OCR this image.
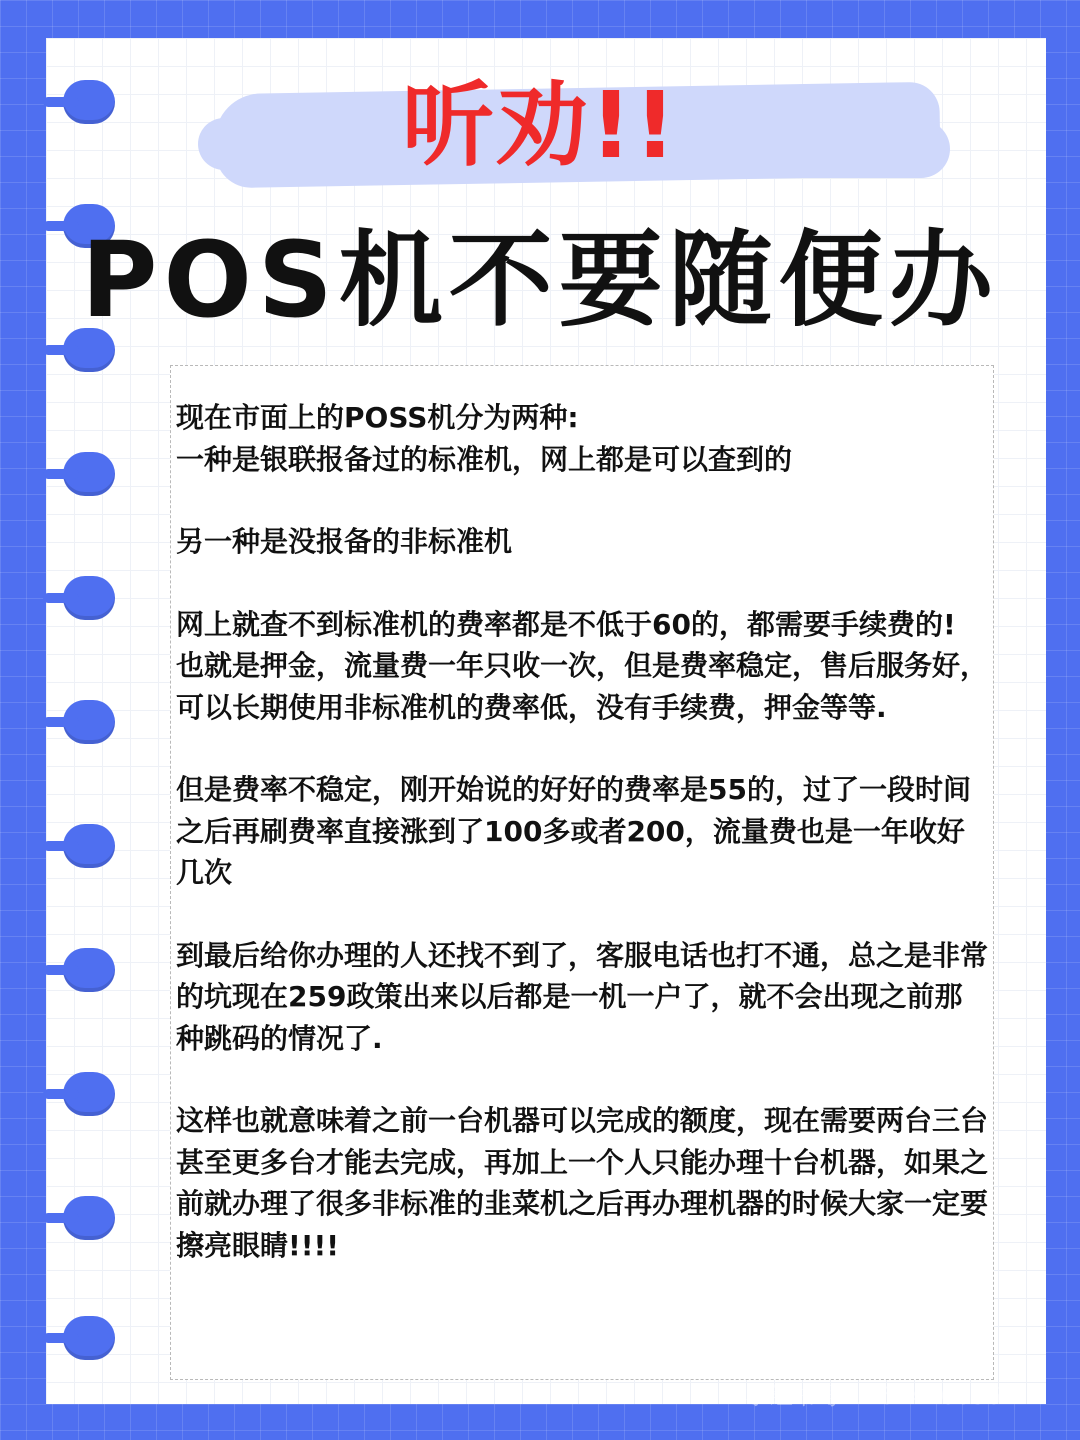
听劝!!
POS机不要随便办

现在市面上的POSS机分为两种:
一种是银联报备过的标准机，网上都是可以查到的

另一种是没报备的非标准机

网上就查不到标准机的费率都是不低于60的，都需要手续费的!
也就是押金，流量费一年只收一次，但是费率稳定，售后服务好，可以长期使用非标准机的费率低，没有手续费，押金等等.

但是费率不稳定，刚开始说的好好的费率是55的，过了一段时间之后再刷费率直接涨到了100多或者200，流量费也是一年收好几次

到最后给你办理的人还找不到了，客服电话也打不通，总之是非常的坑现在259政策出来以后都是一机一户了，就不会出现之前那种跳码的情况了.

这样也就意味着之前一台机器可以完成的额度，现在需要两台三台甚至更多台才能去完成，再加上一个人只能办理十台机器，如果之前就办理了很多非标准的韭菜机之后再办理机器的时候大家一定要擦亮眼睛!!!!

小红书号 1161416636
